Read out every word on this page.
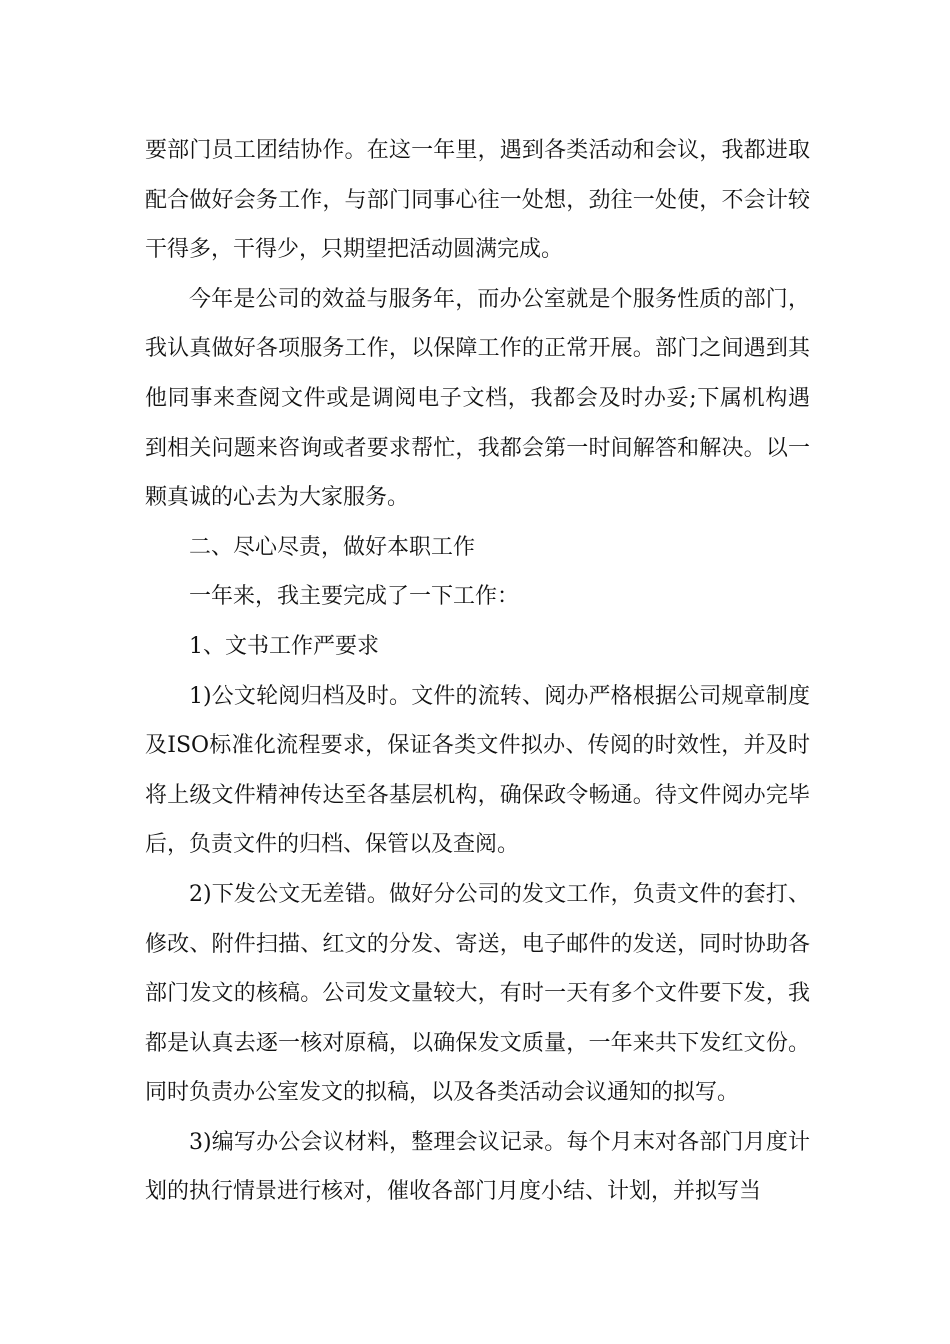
要部门员工团结协作。在这一年里，遇到各类活动和会议，我都进取配合做好会务工作，与部门同事心往一处想，劲往一处使，不会计较干得多，干得少，只期望把活动圆满完成。

今年是公司的效益与服务年，而办公室就是个服务性质的部门，我认真做好各项服务工作，以保障工作的正常开展。部门之间遇到其他同事来查阅文件或是调阅电子文档，我都会及时办妥;下属机构遇到相关问题来咨询或者要求帮忙，我都会第一时间解答和解决。以一颗真诚的心去为大家服务。

二、尽心尽责，做好本职工作

一年来，我主要完成了一下工作：

1、文书工作严要求

1)公文轮阅归档及时。文件的流转、阅办严格根据公司规章制度及ISO标准化流程要求，保证各类文件拟办、传阅的时效性，并及时将上级文件精神传达至各基层机构，确保政令畅通。待文件阅办完毕后，负责文件的归档、保管以及查阅。

2)下发公文无差错。做好分公司的发文工作，负责文件的套打、修改、附件扫描、红文的分发、寄送，电子邮件的发送，同时协助各部门发文的核稿。公司发文量较大，有时一天有多个文件要下发，我都是认真去逐一核对原稿，以确保发文质量，一年来共下发红文份。同时负责办公室发文的拟稿，以及各类活动会议通知的拟写。

3)编写办公会议材料，整理会议记录。每个月末对各部门月度计划的执行情景进行核对，催收各部门月度小结、计划，并拟写当
